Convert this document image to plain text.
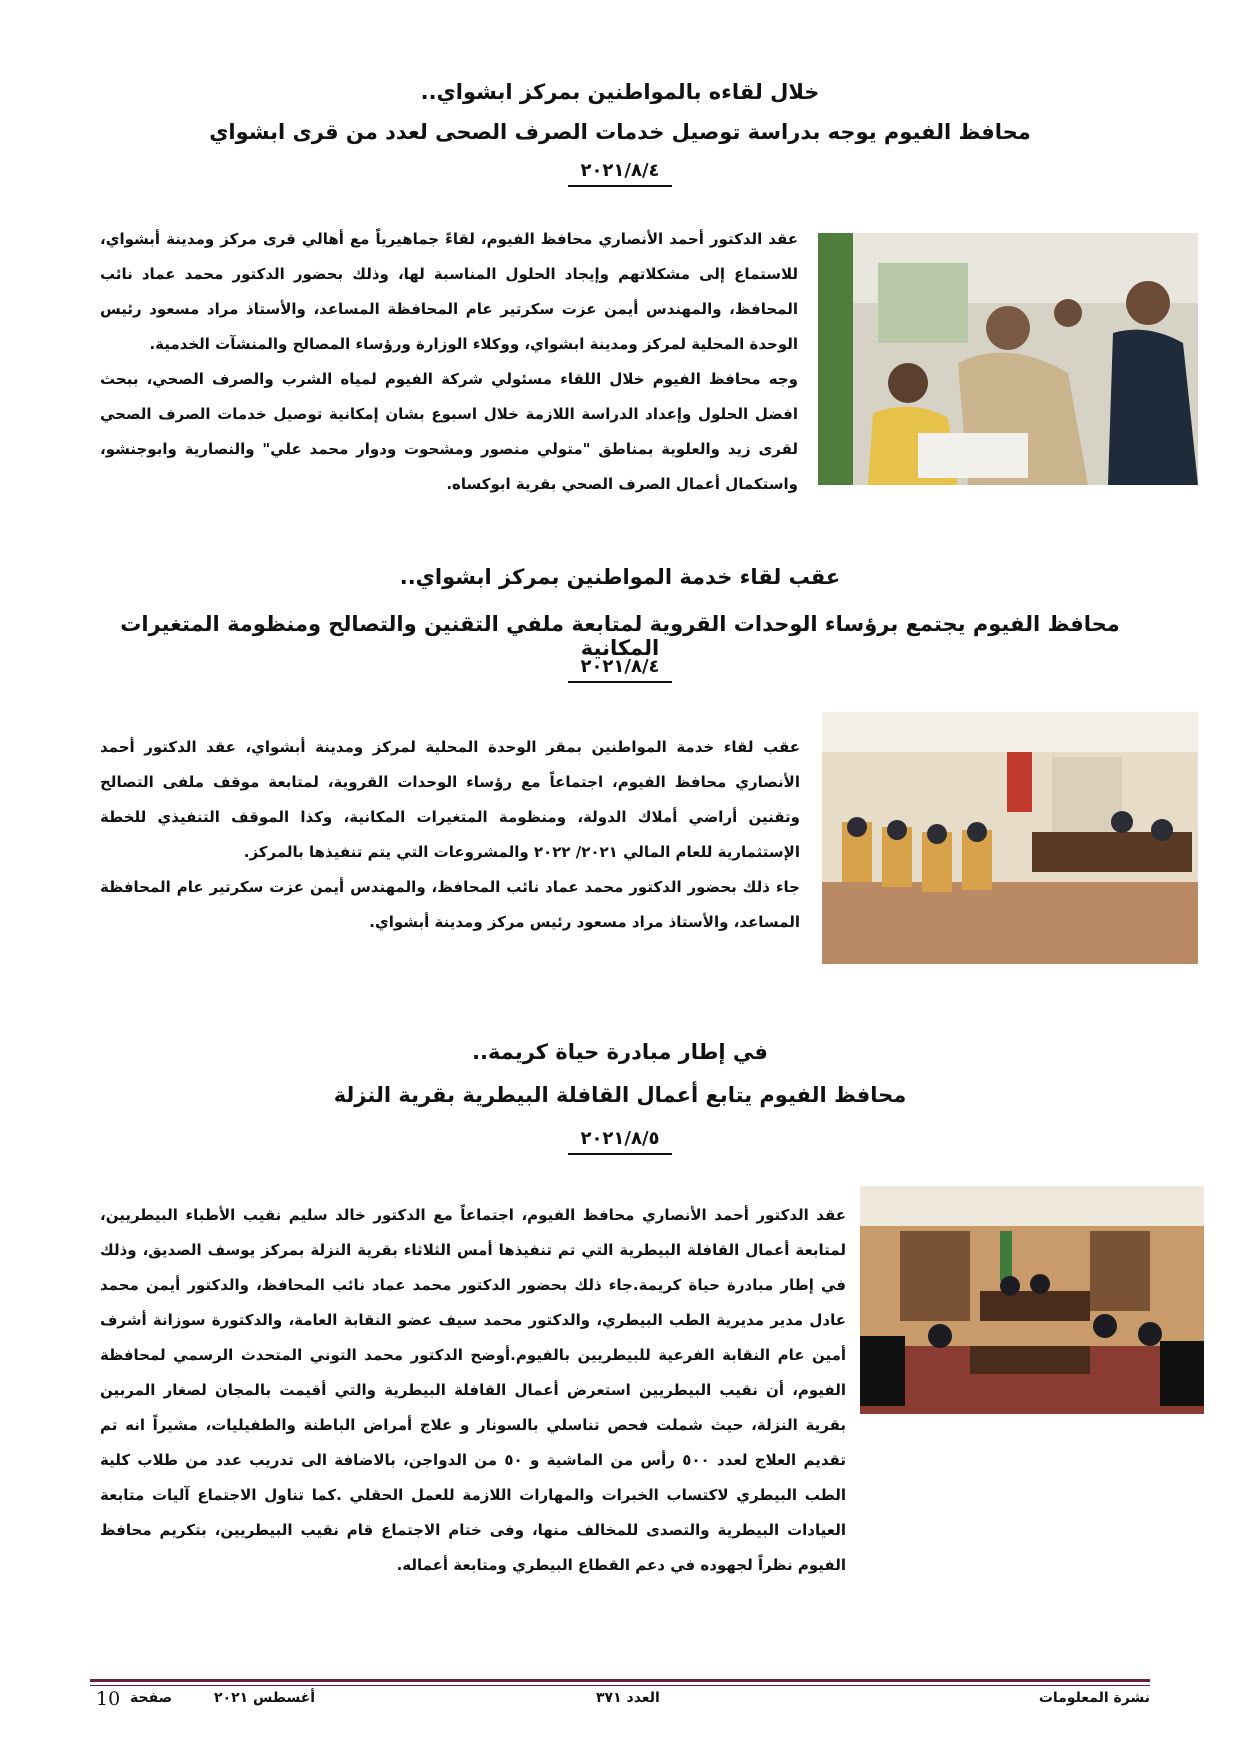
خلال لقاءه بالمواطنين بمركز ابشواي..
محافظ الفيوم يوجه بدراسة توصيل خدمات الصرف الصحى لعدد من قرى ابشواي
٢٠٢١/٨/٤

عقد الدكتور أحمد الأنصاري محافظ الفيوم، لقاءً جماهيرياً مع أهالي قرى مركز ومدينة أبشواي، للاستماع إلى مشكلاتهم وإيجاد الحلول المناسبة لها، وذلك بحضور الدكتور محمد عماد نائب المحافظ، والمهندس أيمن عزت سكرتير عام المحافظة المساعد، والأستاذ مراد مسعود رئيس الوحدة المحلية لمركز ومدينة ابشواي، ووكلاء الوزارة ورؤساء المصالح والمنشآت الخدمية.

وجه محافظ الفيوم خلال اللقاء مسئولي شركة الفيوم لمياه الشرب والصرف الصحي، ببحث افضل الحلول وإعداد الدراسة اللازمة خلال اسبوع بشان إمكانية توصيل خدمات الصرف الصحي لقرى زيد والعلوية بمناطق "متولي منصور ومشحوت ودوار محمد علي" والنصارية وابوجنشو، واستكمال أعمال الصرف الصحي بقرية ابوكساه.

عقب لقاء خدمة المواطنين بمركز ابشواي..
محافظ الفيوم يجتمع برؤساء الوحدات القروية لمتابعة ملفي التقنين والتصالح ومنظومة المتغيرات المكانية
٢٠٢١/٨/٤

عقب لقاء خدمة المواطنين بمقر الوحدة المحلية لمركز ومدينة أبشواي، عقد الدكتور أحمد الأنصاري محافظ الفيوم، اجتماعاً مع رؤساء الوحدات القروية، لمتابعة موقف ملفى التصالح وتقنين أراضي أملاك الدولة، ومنظومة المتغيرات المكانية، وكذا الموقف التنفيذي للخطة الإستثمارية للعام المالي ٢٠٢١/ ٢٠٢٢ والمشروعات التي يتم تنفيذها بالمركز.

جاء ذلك بحضور الدكتور محمد عماد نائب المحافظ، والمهندس أيمن عزت سكرتير عام المحافظة المساعد، والأستاذ مراد مسعود رئيس مركز ومدينة أبشواي.

في إطار مبادرة حياة كريمة..
محافظ الفيوم يتابع أعمال القافلة البيطرية بقرية النزلة
٢٠٢١/٨/٥

عقد الدكتور أحمد الأنصاري محافظ الفيوم، اجتماعاً مع الدكتور خالد سليم نقيب الأطباء البيطريين، لمتابعة أعمال القافلة البيطرية التي تم تنفيذها أمس الثلاثاء بقرية النزلة بمركز يوسف الصديق، وذلك في إطار مبادرة حياة كريمة.جاء ذلك بحضور الدكتور محمد عماد نائب المحافظ، والدكتور أيمن محمد عادل مدير مديرية الطب البيطري، والدكتور محمد سيف عضو النقابة العامة، والدكتورة سوزانة أشرف أمين عام النقابة الفرعية للبيطريين بالفيوم.أوضح الدكتور محمد التوني المتحدث الرسمي لمحافظة الفيوم، أن نقيب البيطريين استعرض أعمال القافلة البيطرية والتي أقيمت بالمجان لصغار المربين بقرية النزلة، حيث شملت فحص تناسلي بالسونار و علاج أمراض الباطنة والطفيليات، مشيراً انه تم تقديم العلاج لعدد ٥٠٠ رأس من الماشية و ٥٠ من الدواجن، بالاضافة الى تدريب عدد من طلاب كلية الطب البيطري لاكتساب الخبرات والمهارات اللازمة للعمل الحقلي .كما تناول الاجتماع آليات متابعة العيادات البيطرية والتصدى للمخالف منها، وفى ختام الاجتماع قام نقيب البيطريين، بتكريم محافظ الفيوم نظراً لجهوده في دعم القطاع البيطري ومتابعة أعماله.

نشرة المعلومات
العدد ٣٧١
أغسطس ٢٠٢١
صفحة
10
